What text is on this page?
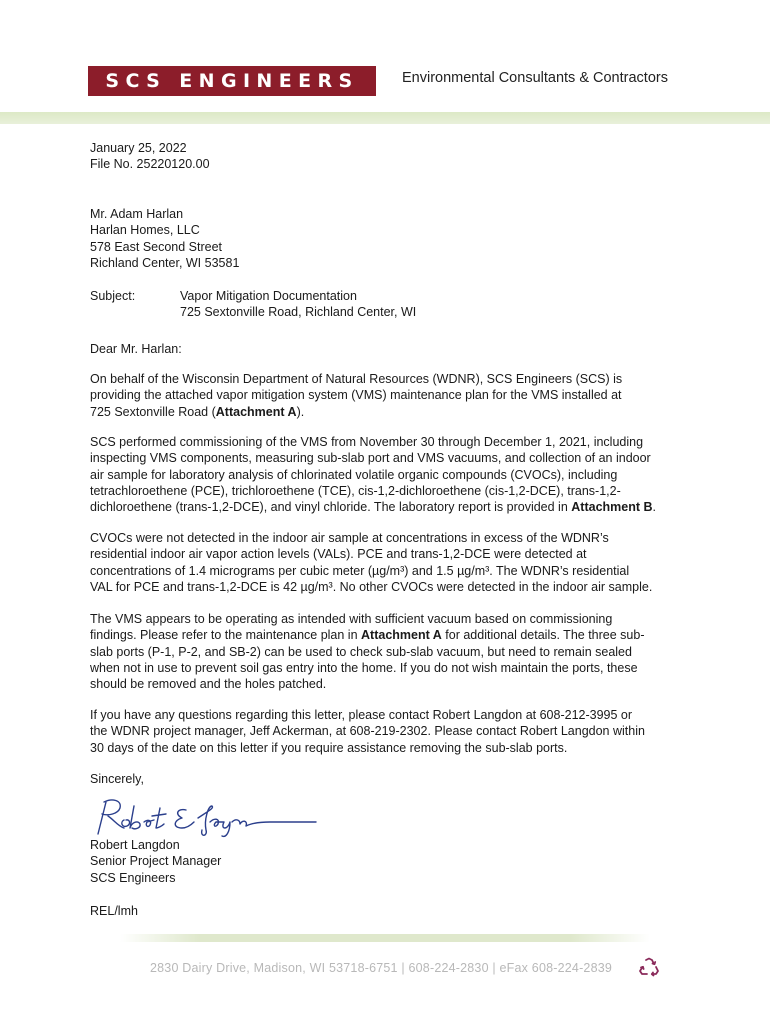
SCS ENGINEERS	Environmental Consultants & Contractors

January 25, 2022

File No. 25220120.00

Mr. Adam Harlan

Harlan Homes, LLC

578 East Second Street

Richland Center, WI 53581

Subject:	Vapor Mitigation Documentation

725 Sextonville Road, Richland Center, WI

Dear Mr. Harlan:

On behalf of the Wisconsin Department of Natural Resources (WDNR), SCS Engineers (SCS) is

providing the attached vapor mitigation system (VMS) maintenance plan for the VMS installed at

725 Sextonville Road (Attachment A).

SCS performed commissioning of the VMS from November 30 through December 1, 2021, including

inspecting VMS components, measuring sub-slab port and VMS vacuums, and collection of an indoor

air sample for laboratory analysis of chlorinated volatile organic compounds (CVOCs), including

tetrachloroethene (PCE), trichloroethene (TCE), cis-1,2-dichloroethene (cis-1,2-DCE), trans-1,2-

dichloroethene (trans-1,2-DCE), and vinyl chloride. The laboratory report is provided in Attachment B.

CVOCs were not detected in the indoor air sample at concentrations in excess of the WDNR’s

residential indoor air vapor action levels (VALs). PCE and trans-1,2-DCE were detected at

concentrations of 1.4 micrograms per cubic meter (µg/m³) and 1.5 µg/m³. The WDNR’s residential

VAL for PCE and trans-1,2-DCE is 42 µg/m³. No other CVOCs were detected in the indoor air sample.

The VMS appears to be operating as intended with sufficient vacuum based on commissioning

findings. Please refer to the maintenance plan in Attachment A for additional details. The three sub-

slab ports (P-1, P-2, and SB-2) can be used to check sub-slab vacuum, but need to remain sealed

when not in use to prevent soil gas entry into the home. If you do not wish maintain the ports, these

should be removed and the holes patched.

If you have any questions regarding this letter, please contact Robert Langdon at 608-212-3995 or

the WDNR project manager, Jeff Ackerman, at 608-219-2302. Please contact Robert Langdon within

30 days of the date on this letter if you require assistance removing the sub-slab ports.

Sincerely,

Robert Langdon

Senior Project Manager

SCS Engineers

REL/lmh

2830 Dairy Drive, Madison, WI 53718-6751 | 608-224-2830 | eFax 608-224-2839
